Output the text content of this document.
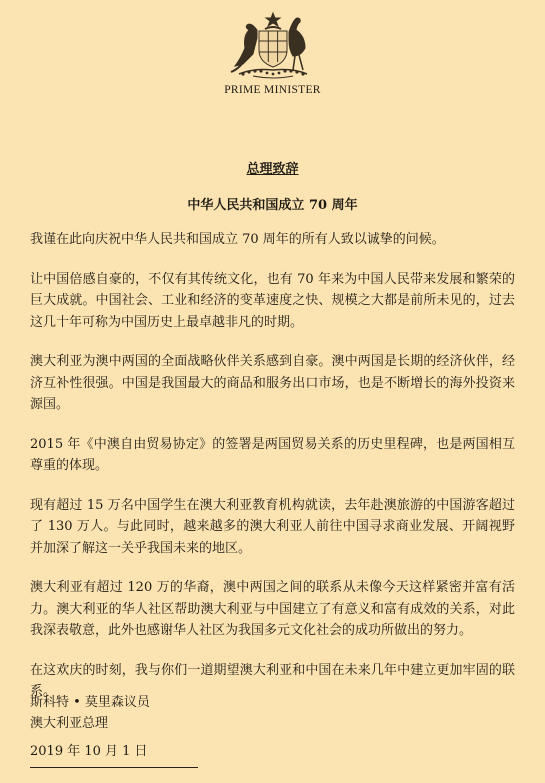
PRIME MINISTER
总理致辞
中华人民共和国成立 70 周年

我谨在此向庆祝中华人民共和国成立 70 周年的所有人致以诚挚的问候。

让中国倍感自豪的，不仅有其传统文化，也有 70 年来为中国人民带来发展和繁荣的巨大成就。中国社会、工业和经济的变革速度之快、规模之大都是前所未见的，过去这几十年可称为中国历史上最卓越非凡的时期。

澳大利亚为澳中两国的全面战略伙伴关系感到自豪。澳中两国是长期的经济伙伴，经济互补性很强。中国是我国最大的商品和服务出口市场，也是不断增长的海外投资来源国。

2015 年《中澳自由贸易协定》的签署是两国贸易关系的历史里程碑，也是两国相互尊重的体现。

现有超过 15 万名中国学生在澳大利亚教育机构就读，去年赴澳旅游的中国游客超过了 130 万人。与此同时，越来越多的澳大利亚人前往中国寻求商业发展、开阔视野并加深了解这一关乎我国未来的地区。

澳大利亚有超过 120 万的华裔，澳中两国之间的联系从未像今天这样紧密并富有活力。澳大利亚的华人社区帮助澳大利亚与中国建立了有意义和富有成效的关系，对此我深表敬意，此外也感谢华人社区为我国多元文化社会的成功所做出的努力。

在这欢庆的时刻，我与你们一道期望澳大利亚和中国在未来几年中建立更加牢固的联系。

斯科特 • 莫里森议员
澳大利亚总理
2019 年 10 月 1 日
